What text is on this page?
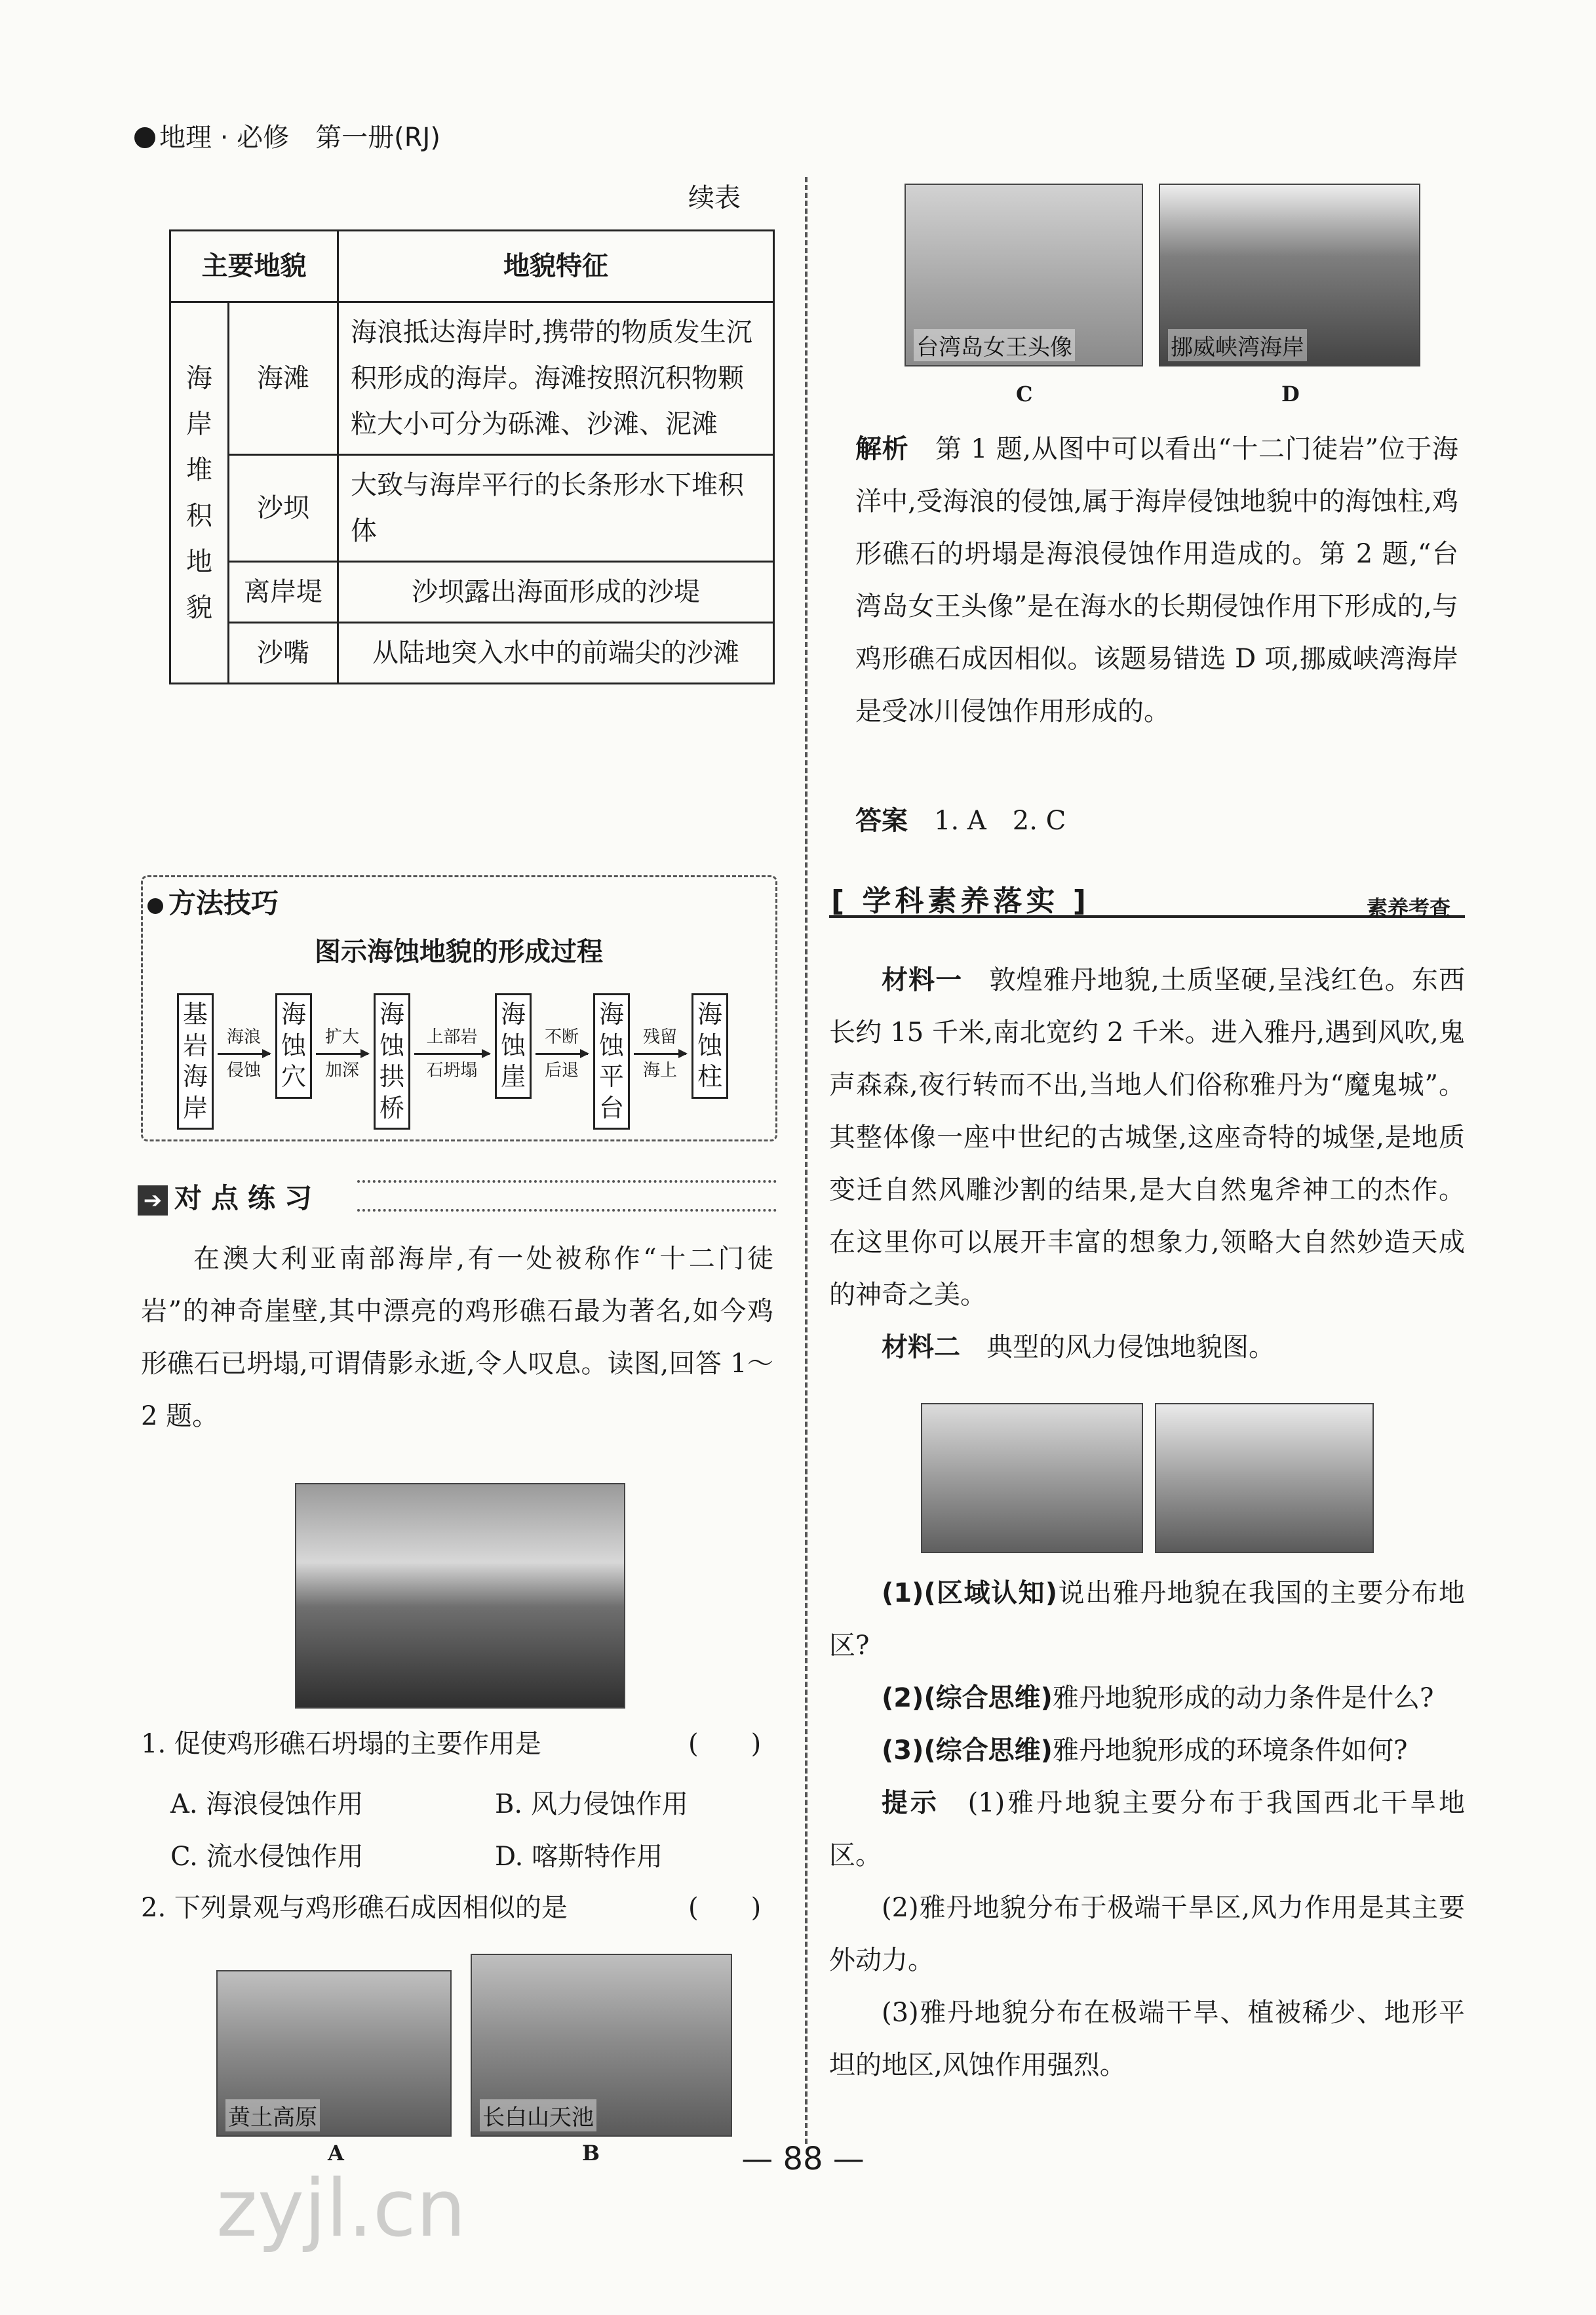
地理 · 必修　第一册(RJ)
续表
主要地貌		地貌特征
海岸堆积地貌	海滩	海浪抵达海岸时,携带的物质发生沉积形成的海岸。海滩按照沉积物颗粒大小可分为砾滩、沙滩、泥滩
	沙坝	大致与海岸平行的长条形水下堆积体
	离岸堤	沙坝露出海面形成的沙堤
	沙嘴	从陆地突入水中的前端尖的沙滩
方法技巧
图示海蚀地貌的形成过程
基岩海岸
海浪
侵蚀
海蚀穴
扩大
加深
海蚀拱桥
上部岩
石坍塌
海蚀崖
不断
后退
海蚀平台
残留
海上
海蚀柱
➔ 对点练习
在澳大利亚南部海岸,有一处被称作“十二门徒岩”的神奇崖壁,其中漂亮的鸡形礁石最为著名,如今鸡形礁石已坍塌,可谓倩影永逝,令人叹息。读图,回答 1～2 题。
1. 促使鸡形礁石坍塌的主要作用是	(　　)
A. 海浪侵蚀作用	B. 风力侵蚀作用
C. 流水侵蚀作用	D. 喀斯特作用
2. 下列景观与鸡形礁石成因相似的是	(　　)
黄土高原	长白山天池
A	B
台湾岛女王头像	挪威峡湾海岸
C	D
解析　 第 1 题,从图中可以看出“十二门徒岩”位于海洋中,受海浪的侵蚀,属于海岸侵蚀地貌中的海蚀柱,鸡形礁石的坍塌是海浪侵蚀作用造成的。第 2 题,“台湾岛女王头像”是在海水的长期侵蚀作用下形成的,与鸡形礁石成因相似。该题易错选 D 项,挪威峡湾海岸是受冰川侵蚀作用形成的。
答案　 1. A　2. C
[ 学科素养落实 ]	素养考查
材料一　 敦煌雅丹地貌,土质坚硬,呈浅红色。东西长约 15 千米,南北宽约 2 千米。进入雅丹,遇到风吹,鬼声森森,夜行转而不出,当地人们俗称雅丹为“魔鬼城”。其整体像一座中世纪的古城堡,这座奇特的城堡,是地质变迁自然风雕沙割的结果,是大自然鬼斧神工的杰作。在这里你可以展开丰富的想象力,领略大自然妙造天成的神奇之美。
材料二　 典型的风力侵蚀地貌图。
(1)(区域认知)说出雅丹地貌在我国的主要分布地区?
(2)(综合思维)雅丹地貌形成的动力条件是什么?
(3)(综合思维)雅丹地貌形成的环境条件如何?
提示　 (1)雅丹地貌主要分布于我国西北干旱地区。
(2)雅丹地貌分布于极端干旱区,风力作用是其主要外动力。
(3)雅丹地貌分布在极端干旱、植被稀少、地形平坦的地区,风蚀作用强烈。
— 88 —
zyjl.cn
